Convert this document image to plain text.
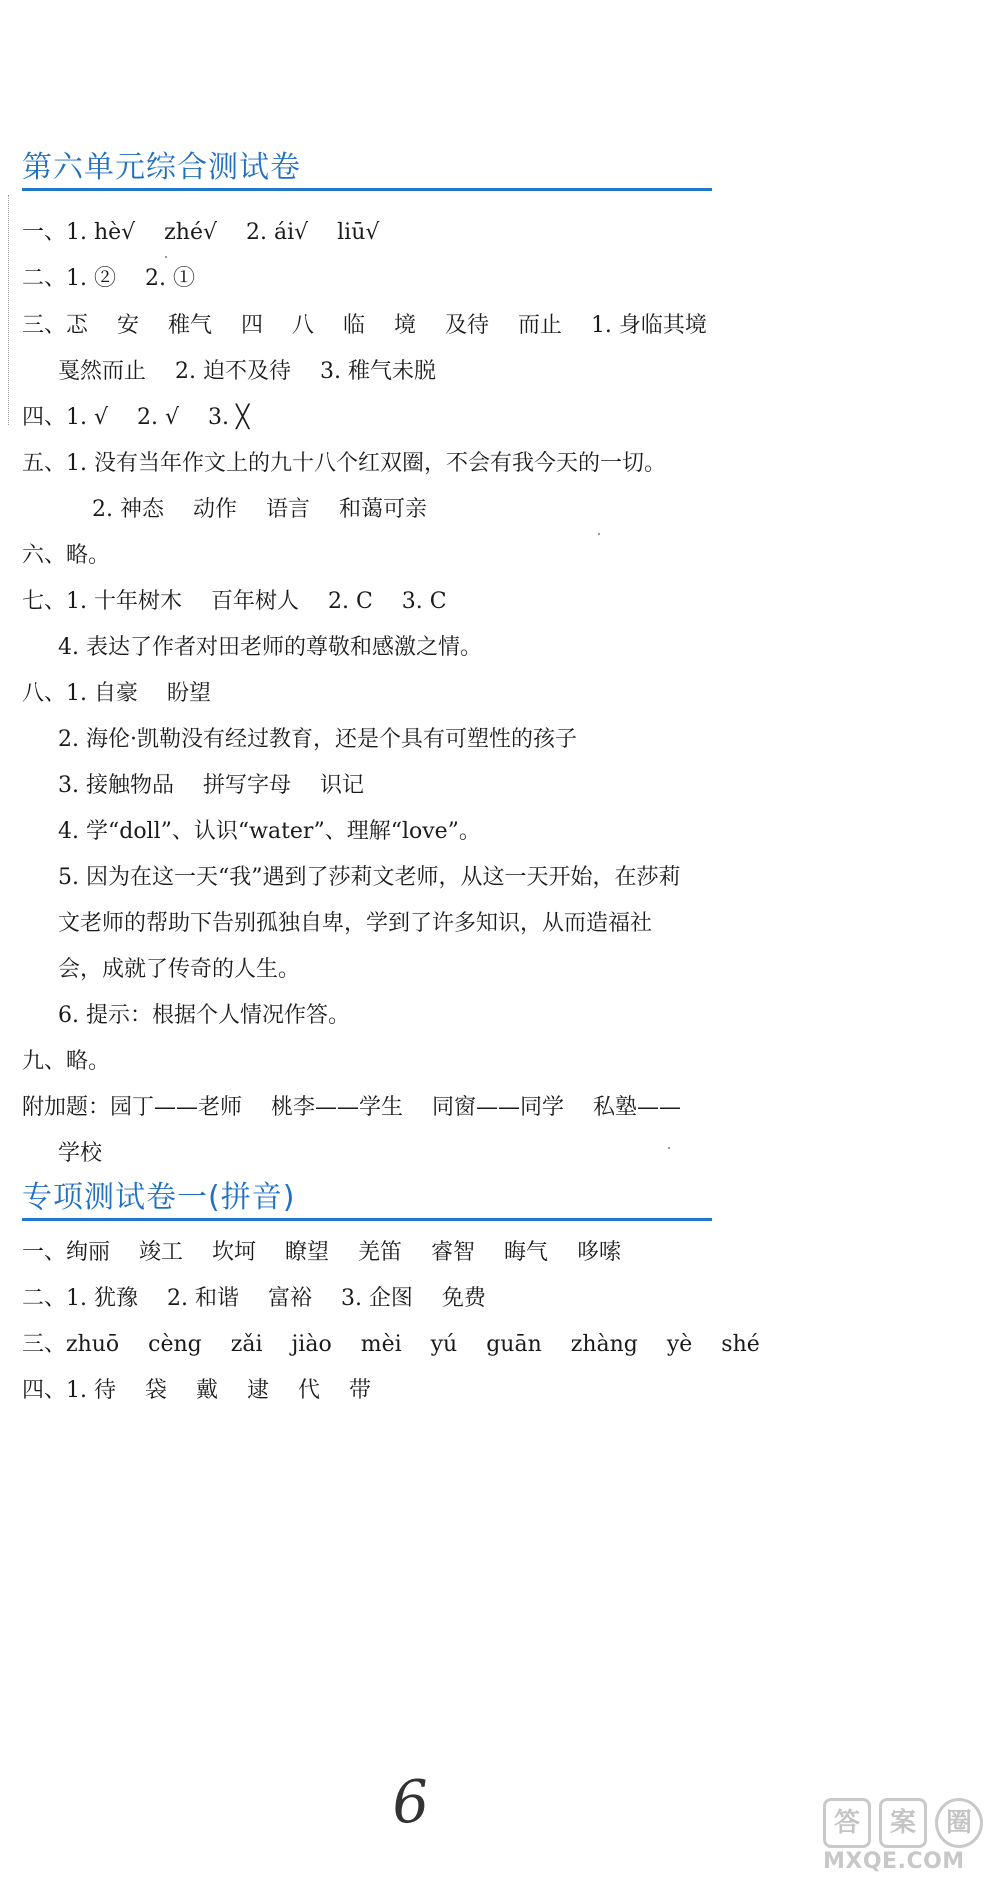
第六单元综合测试卷
一、1. hè√　 zhé√　 2. ái√　 liū√
二、1. ②　 2. ①
三、忑　 安　 稚气　 四　 八　 临　 境　 及待　 而止　 1. 身临其境
戛然而止　 2. 迫不及待　 3. 稚气未脱
四、1. √　 2. √　 3. ╳
五、1. 没有当年作文上的九十八个红双圈，不会有我今天的一切。
2. 神态　 动作　 语言　 和蔼可亲
六、略。
七、1. 十年树木　 百年树人　 2. C　 3. C
4. 表达了作者对田老师的尊敬和感激之情。
八、1. 自豪　 盼望
2. 海伦·凯勒没有经过教育，还是个具有可塑性的孩子
3. 接触物品　 拼写字母　 识记
4. 学“doll”、认识“water”、理解“love”。
5. 因为在这一天“我”遇到了莎莉文老师，从这一天开始，在莎莉
文老师的帮助下告别孤独自卑，学到了许多知识，从而造福社
会，成就了传奇的人生。
6. 提示：根据个人情况作答。
九、略。
附加题：园丁——老师　 桃李——学生　 同窗——同学　 私塾——
学校
专项测试卷一(拼音)
一、绚丽　 竣工　 坎坷　 瞭望　 羌笛　 睿智　 晦气　 哆嗦
二、1. 犹豫　 2. 和谐　 富裕　 3. 企图　 免费
三、zhuō　 cèng　 zǎi　 jiào　 mèi　 yú　 guān　 zhàng　 yè　 shé
四、1. 待　 袋　 戴　 逮　 代　 带
6	答	案	圈
MXQE.COM
